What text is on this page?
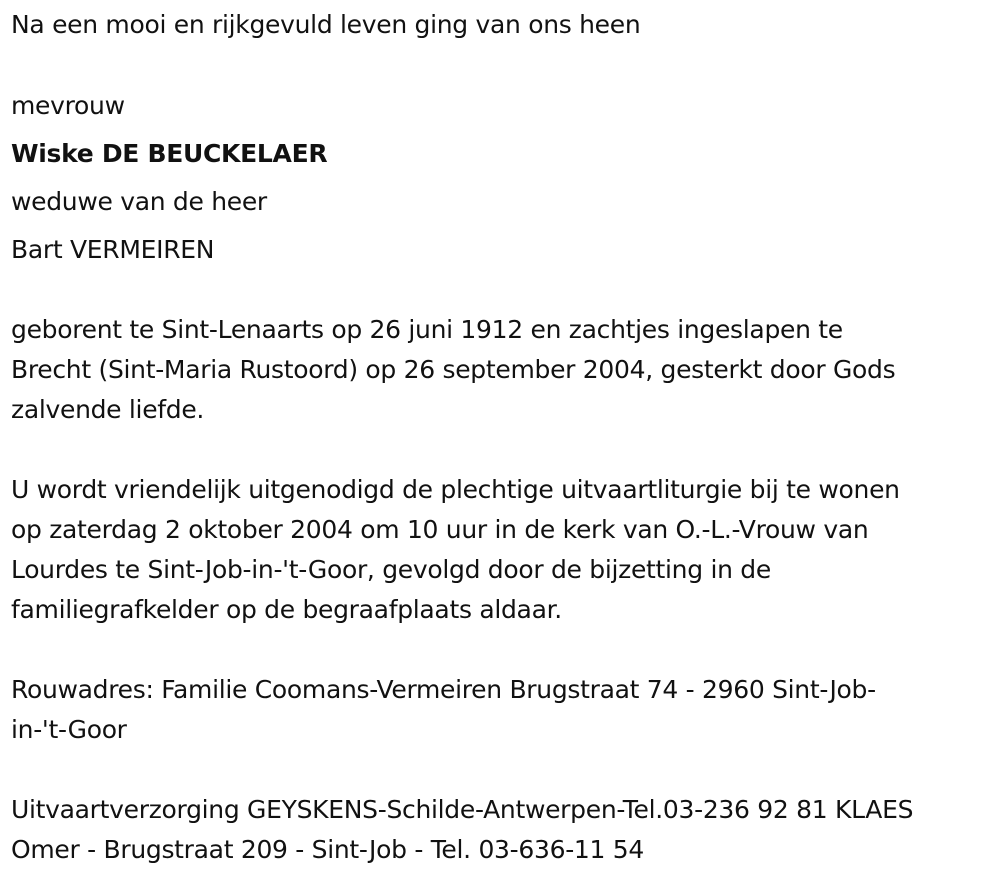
Na een mooi en rijkgevuld leven ging van ons heen
mevrouw
Wiske DE BEUCKELAER
weduwe van de heer
Bart VERMEIREN
geborent te Sint-Lenaarts op 26 juni 1912 en zachtjes ingeslapen te
Brecht (Sint-Maria Rustoord) op 26 september 2004, gesterkt door Gods
zalvende liefde.
U wordt vriendelijk uitgenodigd de plechtige uitvaartliturgie bij te wonen
op zaterdag 2 oktober 2004 om 10 uur in de kerk van O.-L.-Vrouw van
Lourdes te Sint-Job-in-'t-Goor, gevolgd door de bijzetting in de
familiegrafkelder op de begraafplaats aldaar.
Rouwadres: Familie Coomans-Vermeiren Brugstraat 74 - 2960 Sint-Job-
in-'t-Goor
Uitvaartverzorging GEYSKENS-Schilde-Antwerpen-Tel.03-236 92 81 KLAES
Omer - Brugstraat 209 - Sint-Job - Tel. 03-636-11 54
